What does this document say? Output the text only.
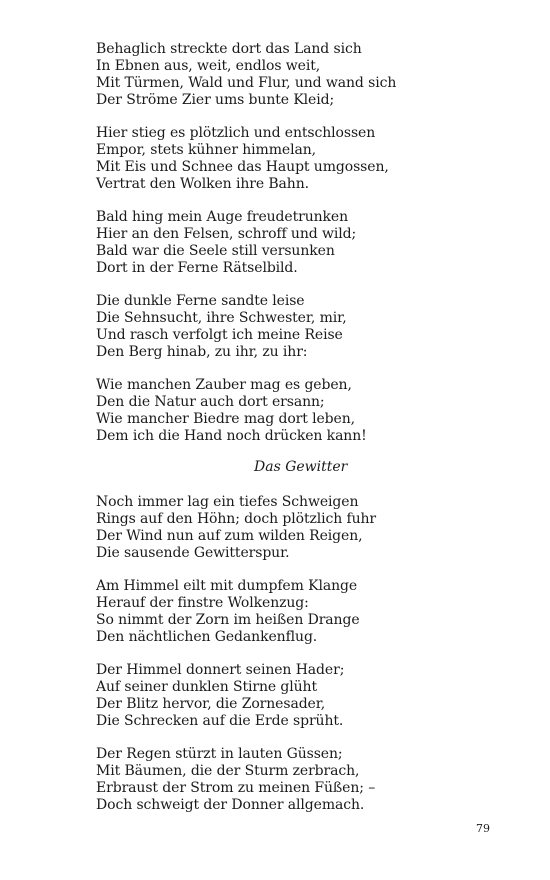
Behaglich streckte dort das Land sich
In Ebnen aus, weit, endlos weit,
Mit Türmen, Wald und Flur, und wand sich
Der Ströme Zier ums bunte Kleid;
Hier stieg es plötzlich und entschlossen
Empor, stets kühner himmelan,
Mit Eis und Schnee das Haupt umgossen,
Vertrat den Wolken ihre Bahn.
Bald hing mein Auge freudetrunken
Hier an den Felsen, schroff und wild;
Bald war die Seele still versunken
Dort in der Ferne Rätselbild.
Die dunkle Ferne sandte leise
Die Sehnsucht, ihre Schwester, mir,
Und rasch verfolgt ich meine Reise
Den Berg hinab, zu ihr, zu ihr:
Wie manchen Zauber mag es geben,
Den die Natur auch dort ersann;
Wie mancher Biedre mag dort leben,
Dem ich die Hand noch drücken kann!
Das Gewitter
Noch immer lag ein tiefes Schweigen
Rings auf den Höhn; doch plötzlich fuhr
Der Wind nun auf zum wilden Reigen,
Die sausende Gewitterspur.
Am Himmel eilt mit dumpfem Klange
Herauf der finstre Wolkenzug:
So nimmt der Zorn im heißen Drange
Den nächtlichen Gedankenflug.
Der Himmel donnert seinen Hader;
Auf seiner dunklen Stirne glüht
Der Blitz hervor, die Zornesader,
Die Schrecken auf die Erde sprüht.
Der Regen stürzt in lauten Güssen;
Mit Bäumen, die der Sturm zerbrach,
Erbraust der Strom zu meinen Füßen; –
Doch schweigt der Donner allgemach.
79
